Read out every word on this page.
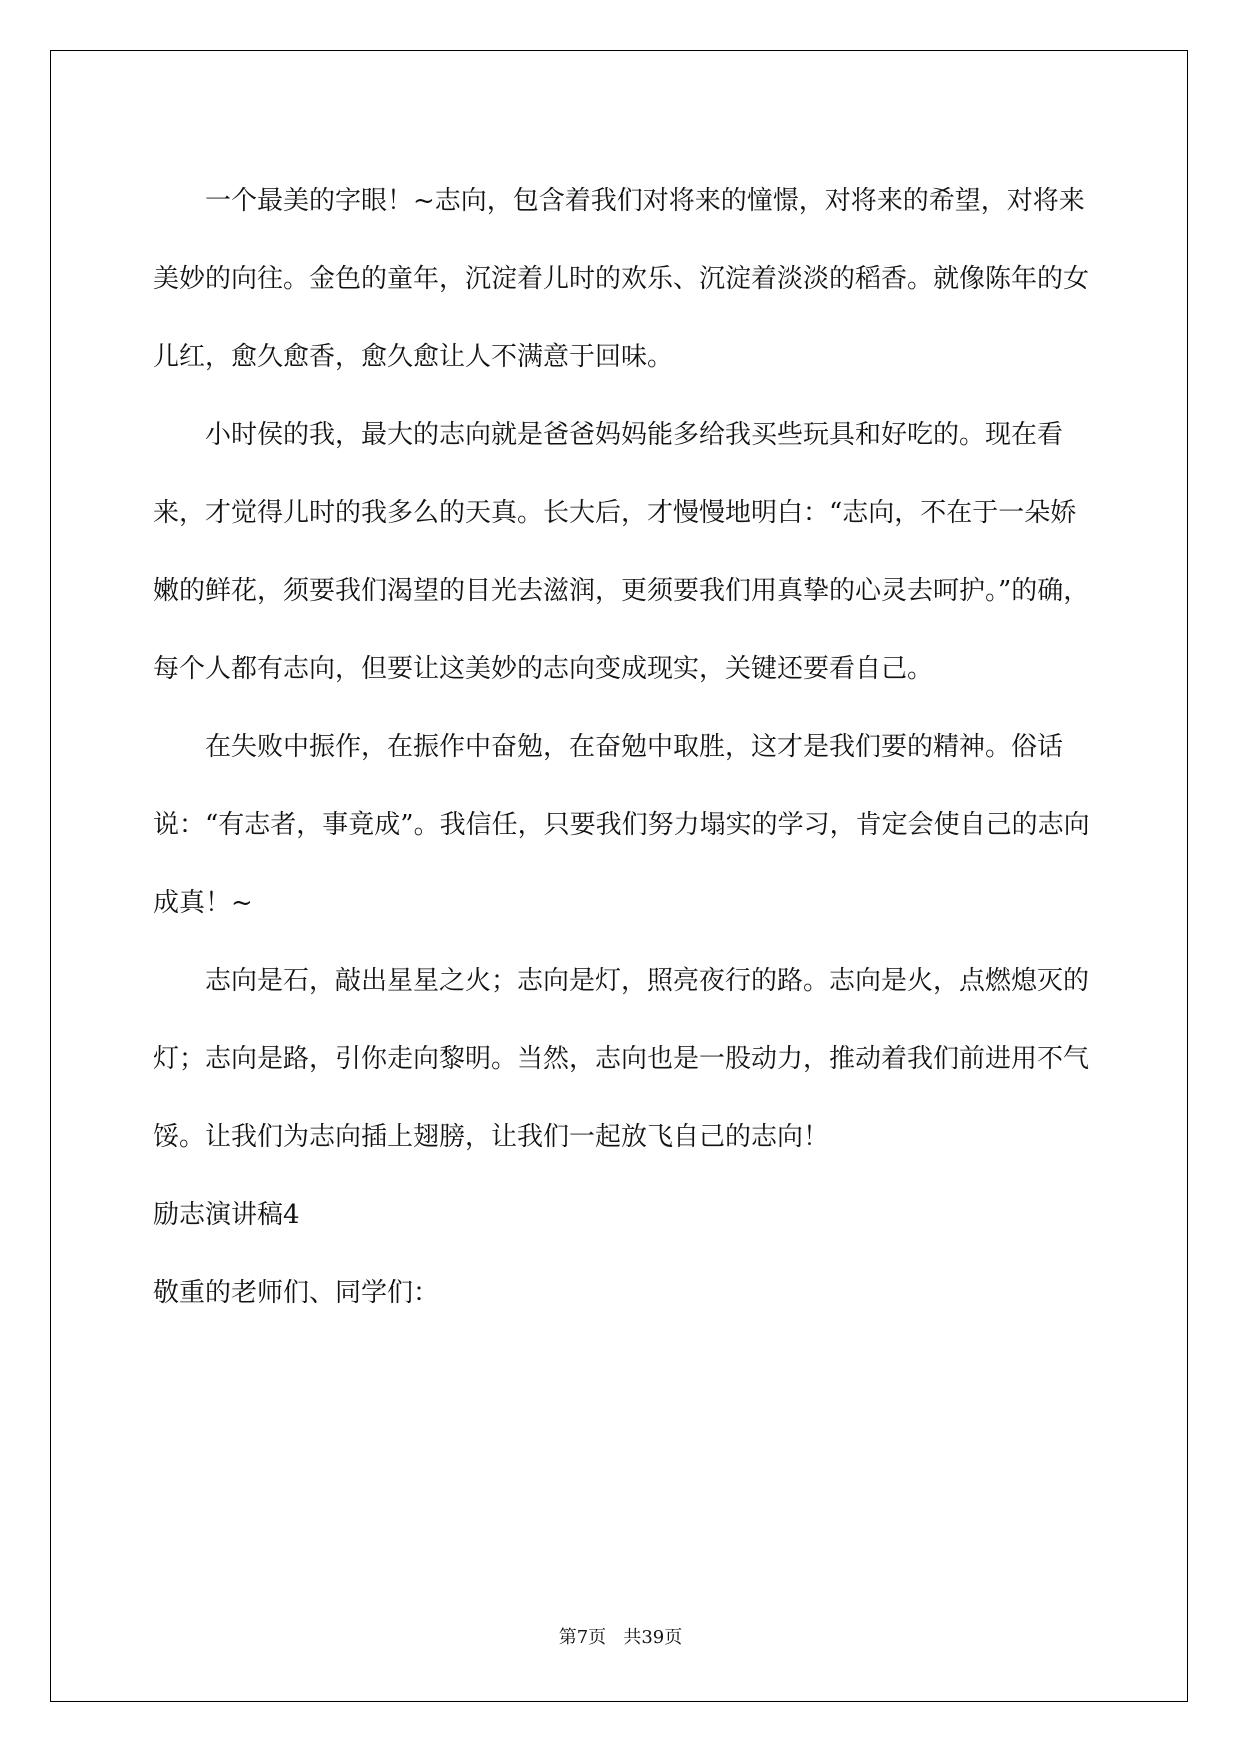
一个最美的字眼！~志向，包含着我们对将来的憧憬，对将来的希望，对将来美妙的向往。金色的童年，沉淀着儿时的欢乐、沉淀着淡淡的稻香。就像陈年的女儿红，愈久愈香，愈久愈让人不满意于回味。

小时侯的我，最大的志向就是爸爸妈妈能多给我买些玩具和好吃的。现在看来，才觉得儿时的我多么的天真。长大后，才慢慢地明白：“志向，不在于一朵娇嫩的鲜花，须要我们渴望的目光去滋润，更须要我们用真挚的心灵去呵护。”的确，每个人都有志向，但要让这美妙的志向变成现实，关键还要看自己。

在失败中振作，在振作中奋勉，在奋勉中取胜，这才是我们要的精神。俗话说：“有志者，事竟成”。我信任，只要我们努力塌实的学习，肯定会使自己的志向成真！~

志向是石，敲出星星之火；志向是灯，照亮夜行的路。志向是火，点燃熄灭的灯；志向是路，引你走向黎明。当然，志向也是一股动力，推动着我们前进用不气馁。让我们为志向插上翅膀，让我们一起放飞自己的志向！

励志演讲稿4

敬重的老师们、同学们：

第7页 共39页
